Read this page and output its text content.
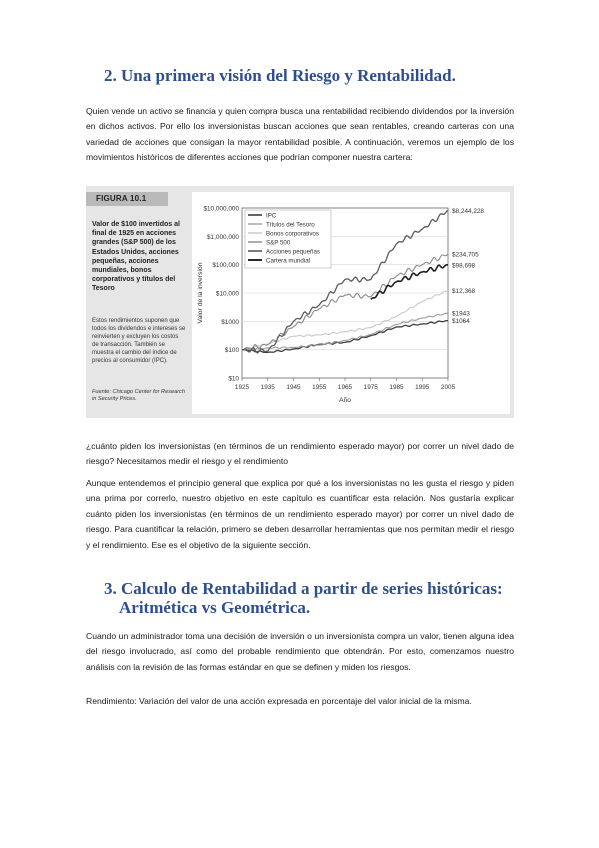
2. Una primera visión del Riesgo y Rentabilidad.
Quien vende un activo se financia y quien compra busca una rentabilidad recibiendo dividendos por la inversión en dichos activos. Por ello los inversionistas buscan acciones que sean rentables, creando carteras con una variedad de acciones que consigan la mayor rentabilidad posible. A continuación, veremos un ejemplo de los movimientos históricos de diferentes acciones que podrían componer nuestra cartera:
FIGURA 10.1
Valor de $100 invertidos al final de 1925 en acciones grandes (S&P 500) de los Estados Unidos, acciones pequeñas, acciones mundiales, bonos corporativos y títulos del Tesoro
Estos rendimientos suponen que todos los dividendos e intereses se reinvierten y excluyen los costos de transacción. También se muestra el cambio del índice de precios al consumidor (IPC).
Fuente: Chicago Center for Research in Security Prices.
$10
$100
$1000
$10,000
$100,000
$1,000,000
$10,000,000
1925 1935 1945 1955 1965 1975 1985 1995 2005
Año
Valor de la inversión
$8,244,228
$234,705
$98,698
$12,368
$1943
$1064
IPC
Títulos del Tesoro
Bonos corporativos
S&P 500
Acciones pequeñas
Cartera mundial
¿cuánto piden los inversionistas (en términos de un rendimiento esperado mayor) por correr un nivel dado de riesgo? Necesitamos medir el riesgo y el rendimiento
Aunque entendemos el principio general que explica por qué a los inversionistas no les gusta el riesgo y piden una prima por correrlo, nuestro objetivo en este capítulo es cuantificar esta relación. Nos gustaría explicar cuánto piden los inversionistas (en términos de un rendimiento esperado mayor) por correr un nivel dado de riesgo. Para cuantificar la relación, primero se deben desarrollar herramientas que nos permitan medir el riesgo y el rendimiento. Ese es el objetivo de la siguiente sección.
3. Calculo de Rentabilidad a partir de series históricas:
Aritmética vs Geométrica.
Cuando un administrador toma una decisión de inversión o un inversionista compra un valor, tienen alguna idea del riesgo involucrado, así como del probable rendimiento que obtendrán. Por esto, comenzamos nuestro análisis con la revisión de las formas estándar en que se definen y miden los riesgos.
Rendimiento: Variación del valor de una acción expresada en porcentaje del valor inicial de la misma.
